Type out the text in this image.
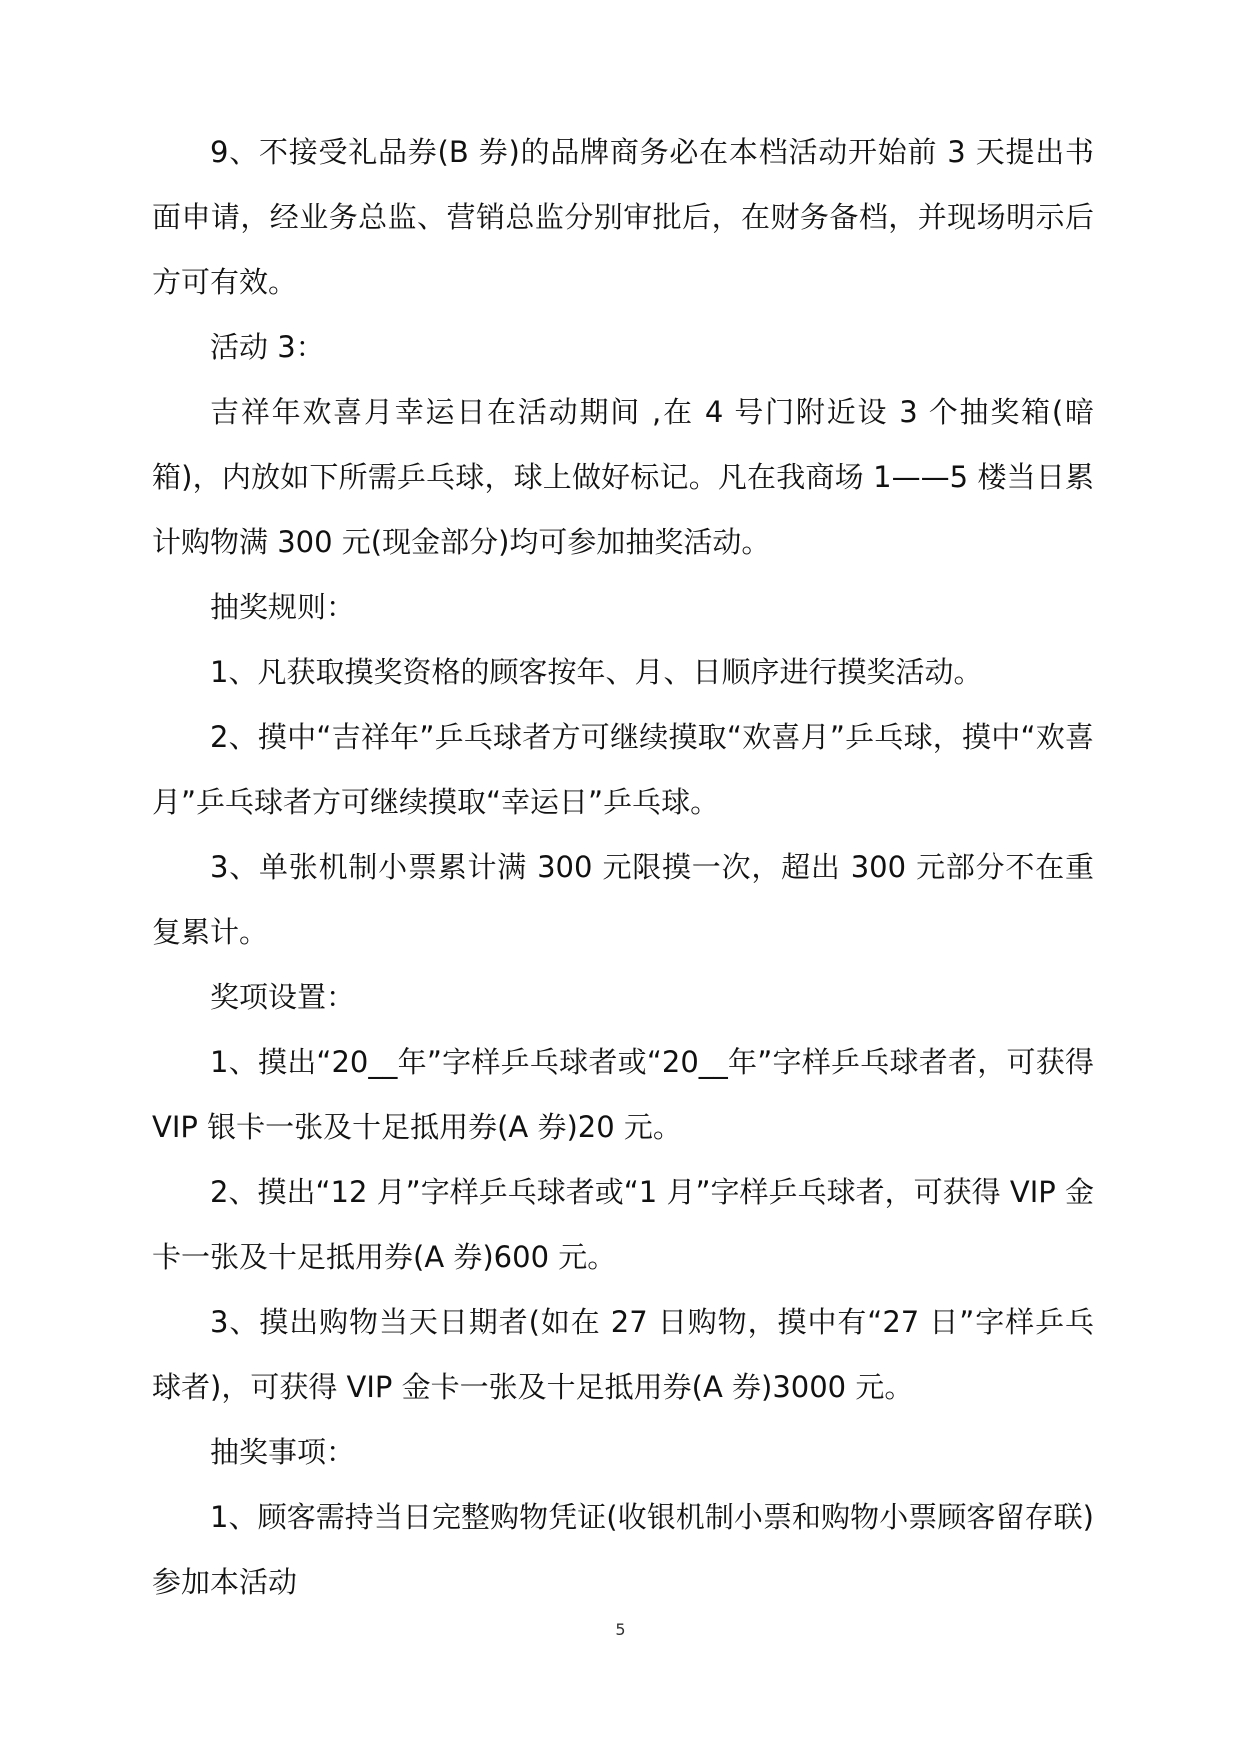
9、不接受礼品券(B 券)的品牌商务必在本档活动开始前 3 天提出书面申请，经业务总监、营销总监分别审批后，在财务备档，并现场明示后方可有效。

活动 3：

吉祥年欢喜月幸运日在活动期间 ,在 4 号门附近设 3 个抽奖箱(暗箱)，内放如下所需乒乓球，球上做好标记。凡在我商场 1——5 楼当日累计购物满 300 元(现金部分)均可参加抽奖活动。

抽奖规则：

1、凡获取摸奖资格的顾客按年、月、日顺序进行摸奖活动。

2、摸中“吉祥年”乒乓球者方可继续摸取“欢喜月”乒乓球，摸中“欢喜月”乒乓球者方可继续摸取“幸运日”乒乓球。

3、单张机制小票累计满 300 元限摸一次，超出 300 元部分不在重复累计。

奖项设置：

1、摸出“20__年”字样乒乓球者或“20__年”字样乒乓球者者，可获得 VIP 银卡一张及十足抵用券(A 券)20 元。

2、摸出“12 月”字样乒乓球者或“1 月”字样乒乓球者，可获得 VIP 金卡一张及十足抵用券(A 券)600 元。

3、摸出购物当天日期者(如在 27 日购物，摸中有“27 日”字样乒乓球者)，可获得 VIP 金卡一张及十足抵用券(A 券)3000 元。

抽奖事项：

1、顾客需持当日完整购物凭证(收银机制小票和购物小票顾客留存联)参加本活动

5
